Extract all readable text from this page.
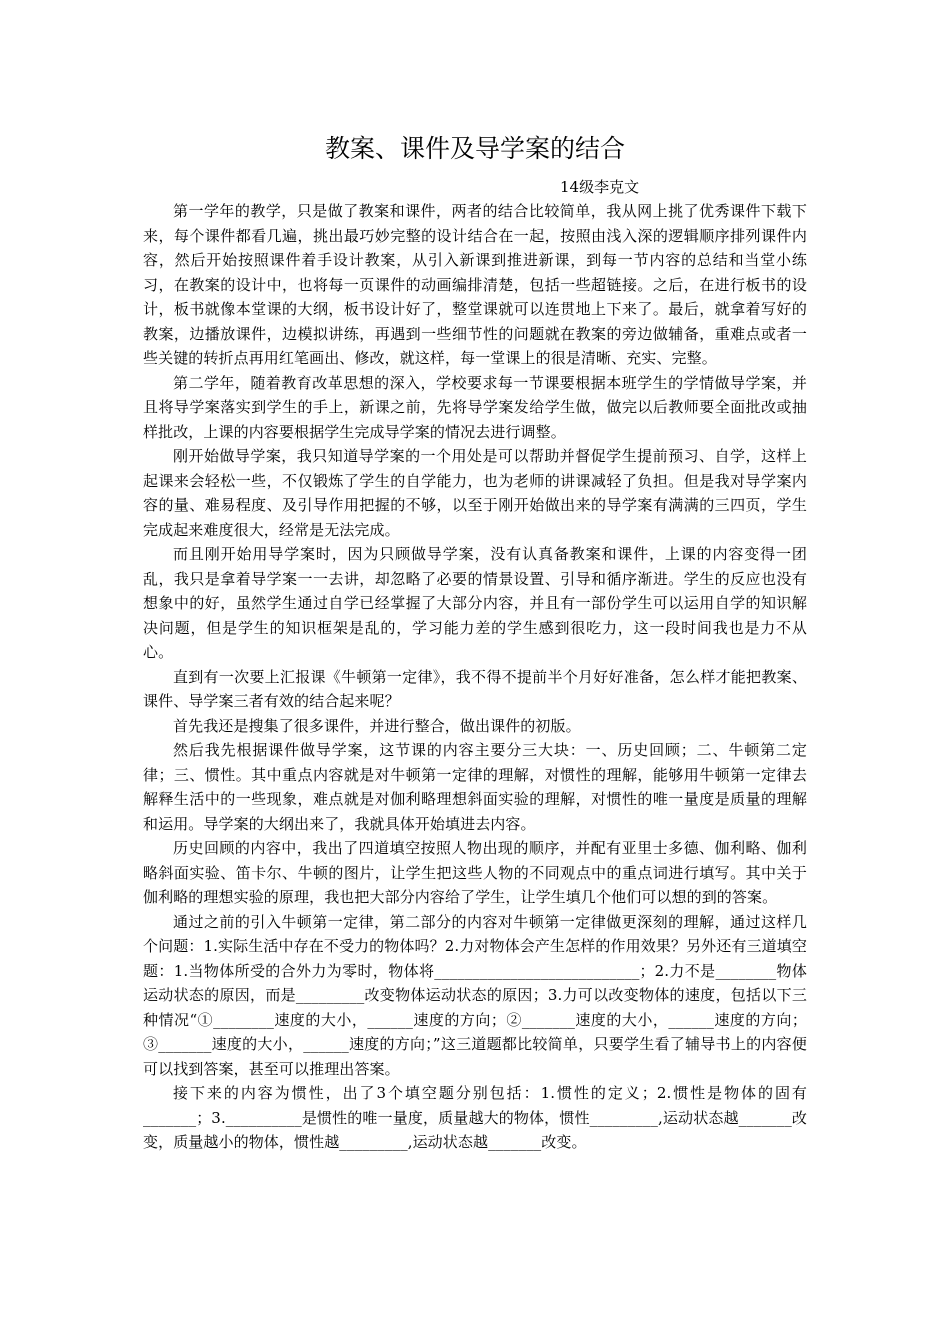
教案、课件及导学案的结合
14级李克文

第一学年的教学，只是做了教案和课件，两者的结合比较简单，我从网上挑了优秀课件下载下来，每个课件都看几遍，挑出最巧妙完整的设计结合在一起，按照由浅入深的逻辑顺序排列课件内容，然后开始按照课件着手设计教案，从引入新课到推进新课，到每一节内容的总结和当堂小练习，在教案的设计中，也将每一页课件的动画编排清楚，包括一些超链接。之后，在进行板书的设计，板书就像本堂课的大纲，板书设计好了，整堂课就可以连贯地上下来了。最后，就拿着写好的教案，边播放课件，边模拟讲练，再遇到一些细节性的问题就在教案的旁边做辅备，重难点或者一些关键的转折点再用红笔画出、修改，就这样，每一堂课上的很是清晰、充实、完整。

第二学年，随着教育改革思想的深入，学校要求每一节课要根据本班学生的学情做导学案，并且将导学案落实到学生的手上，新课之前，先将导学案发给学生做，做完以后教师要全面批改或抽样批改，上课的内容要根据学生完成导学案的情况去进行调整。

刚开始做导学案，我只知道导学案的一个用处是可以帮助并督促学生提前预习、自学，这样上起课来会轻松一些，不仅锻炼了学生的自学能力，也为老师的讲课减轻了负担。但是我对导学案内容的量、难易程度、及引导作用把握的不够，以至于刚开始做出来的导学案有满满的三四页，学生完成起来难度很大，经常是无法完成。

而且刚开始用导学案时，因为只顾做导学案，没有认真备教案和课件，上课的内容变得一团乱，我只是拿着导学案一一去讲，却忽略了必要的情景设置、引导和循序渐进。学生的反应也没有想象中的好，虽然学生通过自学已经掌握了大部分内容，并且有一部份学生可以运用自学的知识解决问题，但是学生的知识框架是乱的，学习能力差的学生感到很吃力，这一段时间我也是力不从心。

直到有一次要上汇报课《牛顿第一定律》，我不得不提前半个月好好准备，怎么样才能把教案、课件、导学案三者有效的结合起来呢？

首先我还是搜集了很多课件，并进行整合，做出课件的初版。

然后我先根据课件做导学案，这节课的内容主要分三大块：一、历史回顾；二、牛顿第二定律；三、惯性。其中重点内容就是对牛顿第一定律的理解，对惯性的理解，能够用牛顿第一定律去解释生活中的一些现象，难点就是对伽利略理想斜面实验的理解，对惯性的唯一量度是质量的理解和运用。导学案的大纲出来了，我就具体开始填进去内容。

历史回顾的内容中，我出了四道填空按照人物出现的顺序，并配有亚里士多德、伽利略、伽利略斜面实验、笛卡尔、牛顿的图片，让学生把这些人物的不同观点中的重点词进行填写。其中关于伽利略的理想实验的原理，我也把大部分内容给了学生，让学生填几个他们可以想的到的答案。

通过之前的引入牛顿第一定律，第二部分的内容对牛顿第一定律做更深刻的理解，通过这样几个问题：1.实际生活中存在不受力的物体吗？2.力对物体会产生怎样的作用效果？另外还有三道填空题：1.当物体所受的合外力为零时，物体将___________________________；2.力不是________物体运动状态的原因，而是_________改变物体运动状态的原因；3.力可以改变物体的速度，包括以下三种情况“①________速度的大小，______速度的方向；②_______速度的大小，______速度的方向；③_______速度的大小，______速度的方向；”这三道题都比较简单，只要学生看了辅导书上的内容便可以找到答案，甚至可以推理出答案。

接下来的内容为惯性，出了3个填空题分别包括：1.惯性的定义；2.惯性是物体的固有_______；3.__________是惯性的唯一量度，质量越大的物体，惯性_________,运动状态越_______改变，质量越小的物体，惯性越_________,运动状态越_______改变。
